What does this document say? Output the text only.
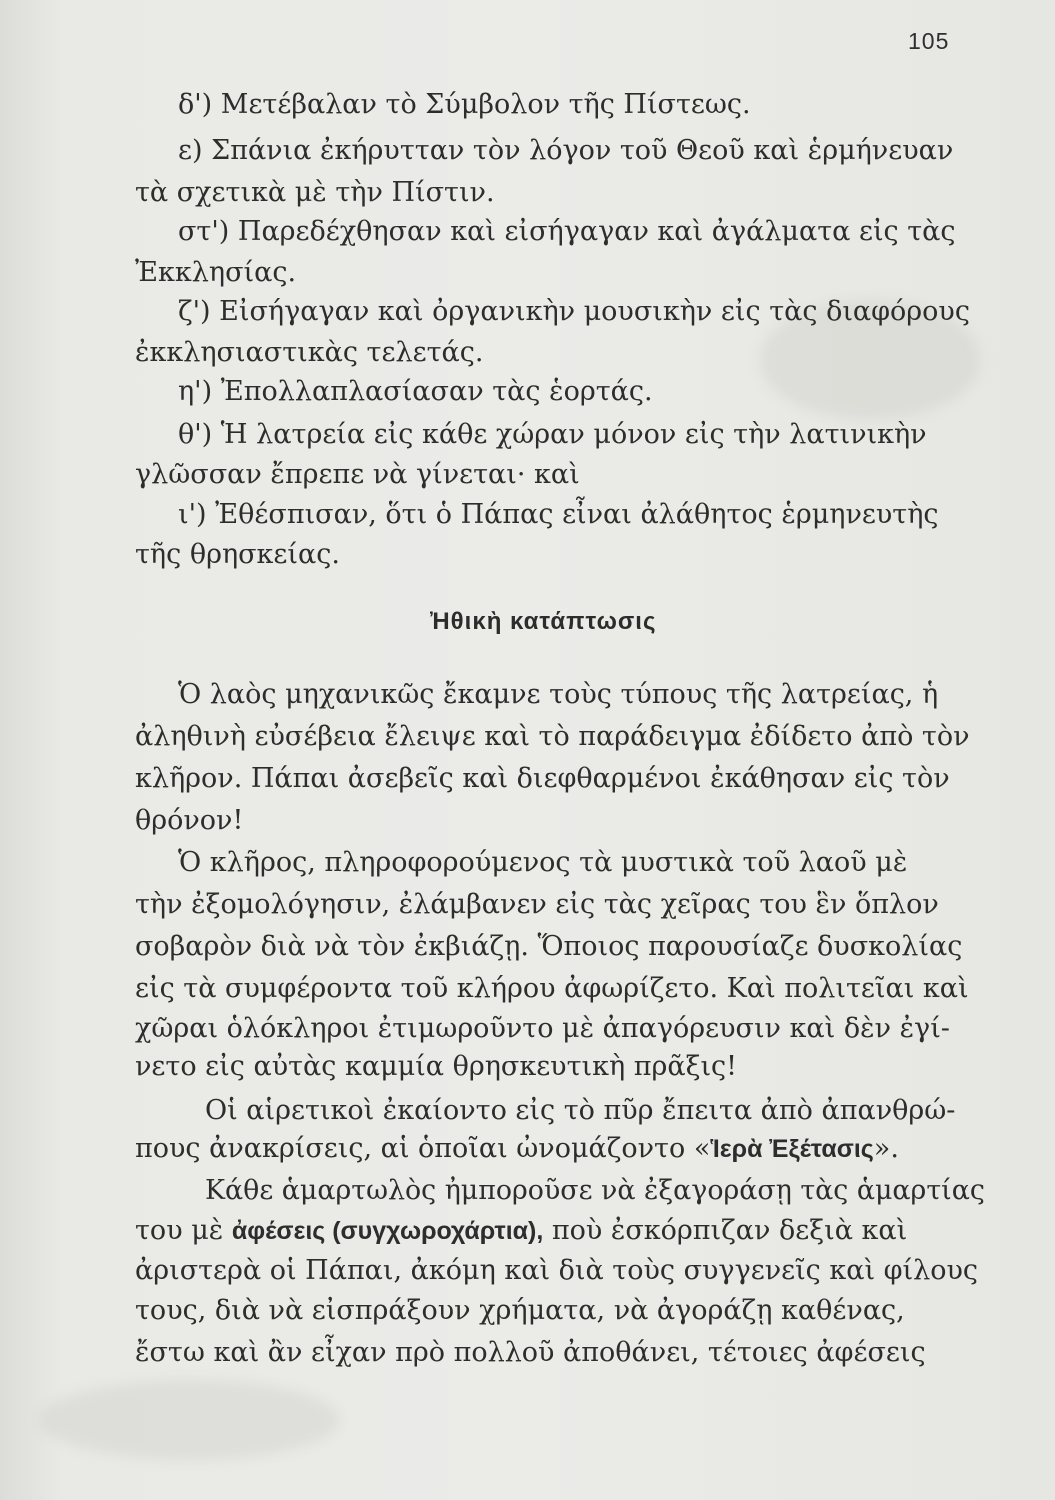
105
δ') Μετέβαλαν τὸ Σύμβολον τῆς Πίστεως.
ε) Σπάνια ἐκήρυτταν τὸν λόγον τοῦ Θεοῦ καὶ ἑρμήνευαν
τὰ σχετικὰ μὲ τὴν Πίστιν.
στ') Παρεδέχθησαν καὶ εἰσήγαγαν καὶ ἀγάλματα εἰς τὰς
Ἐκκλησίας.
ζ') Εἰσήγαγαν καὶ ὀργανικὴν μουσικὴν εἰς τὰς διαφόρους
ἐκκλησιαστικὰς τελετάς.
η') Ἐπολλαπλασίασαν τὰς ἑορτάς.
θ') Ἡ λατρεία εἰς κάθε χώραν μόνον εἰς τὴν λατινικὴν
γλῶσσαν ἔπρεπε νὰ γίνεται· καὶ
ι') Ἐθέσπισαν, ὅτι ὁ Πάπας εἶναι ἀλάθητος ἑρμηνευτὴς
τῆς θρησκείας.
Ἠθικὴ κατάπτωσις
Ὁ λαὸς μηχανικῶς ἔκαμνε τοὺς τύπους τῆς λατρείας, ἡ
ἀληθινὴ εὐσέβεια ἔλειψε καὶ τὸ παράδειγμα ἐδίδετο ἀπὸ τὸν
κλῆρον. Πάπαι ἀσεβεῖς καὶ διεφθαρμένοι ἐκάθησαν εἰς τὸν
θρόνον!
Ὁ κλῆρος, πληροφορούμενος τὰ μυστικὰ τοῦ λαοῦ μὲ
τὴν ἐξομολόγησιν, ἐλάμβανεν εἰς τὰς χεῖρας του ἓν ὅπλον
σοβαρὸν διὰ νὰ τὸν ἐκβιάζῃ. Ὅποιος παρουσίαζε δυσκολίας
εἰς τὰ συμφέροντα τοῦ κλήρου ἀφωρίζετο. Καὶ πολιτεῖαι καὶ
χῶραι ὁλόκληροι ἐτιμωροῦντο μὲ ἀπαγόρευσιν καὶ δὲν ἐγί-
νετο εἰς αὐτὰς καμμία θρησκευτικὴ πρᾶξις!
Οἱ αἱρετικοὶ ἐκαίοντο εἰς τὸ πῦρ ἔπειτα ἀπὸ ἀπανθρώ-
πους ἀνακρίσεις, αἱ ὁποῖαι ὠνομάζοντο «Ἱερὰ Ἐξέτασις».
Κάθε ἁμαρτωλὸς ἠμποροῦσε νὰ ἐξαγοράσῃ τὰς ἁμαρτίας
του μὲ ἀφέσεις (συγχωροχάρτια), ποὺ ἐσκόρπιζαν δεξιὰ καὶ
ἀριστερὰ οἱ Πάπαι, ἀκόμη καὶ διὰ τοὺς συγγενεῖς καὶ φίλους
τους, διὰ νὰ εἰσπράξουν χρήματα, νὰ ἀγοράζῃ καθένας,
ἔστω καὶ ἂν εἶχαν πρὸ πολλοῦ ἀποθάνει, τέτοιες ἀφέσεις
